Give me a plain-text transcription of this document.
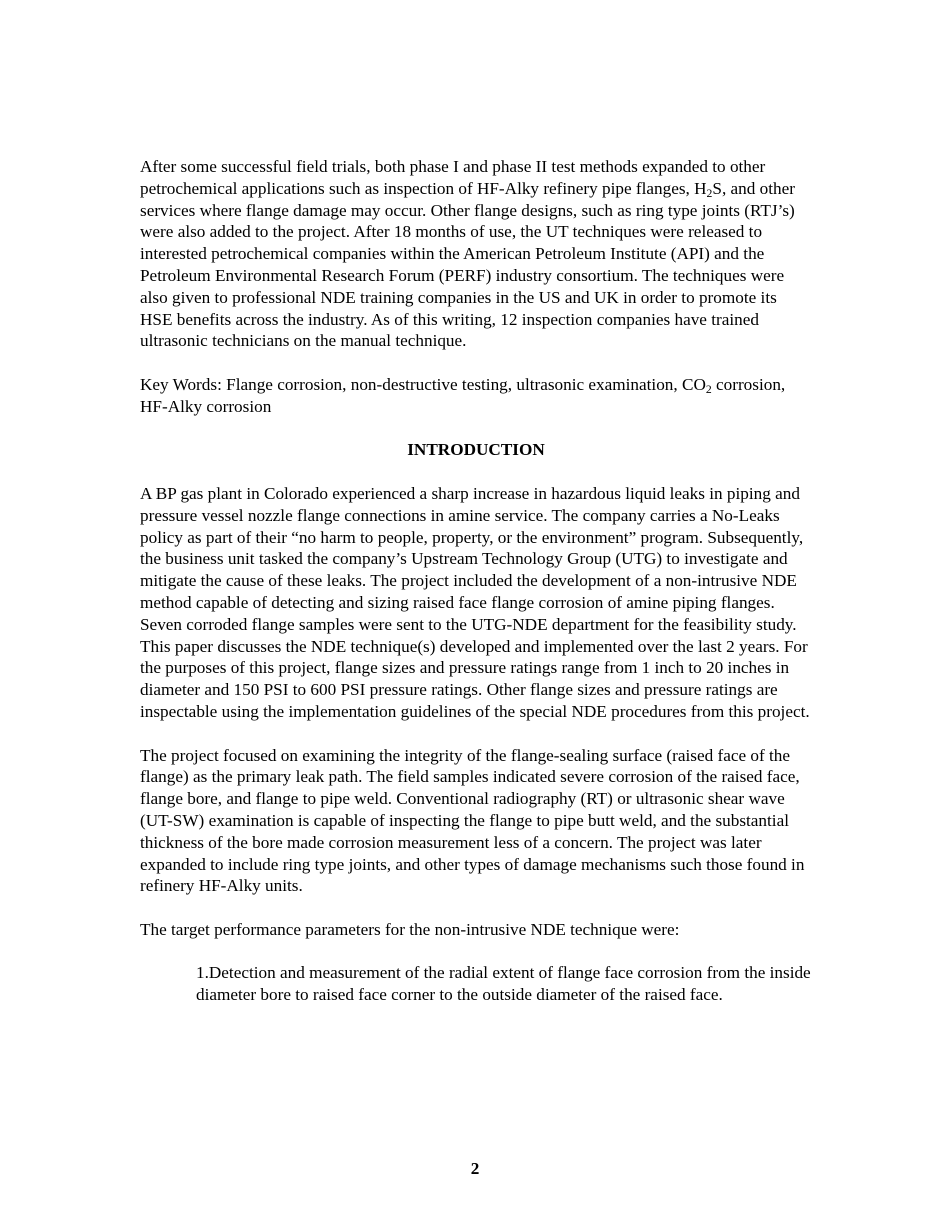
After some successful field trials, both phase I and phase II test methods expanded to other petrochemical applications such as inspection of HF-Alky refinery pipe flanges, $H_2S$, and other services where flange damage may occur. Other flange designs, such as ring type joints (RTJ’s) were also added to the project. After 18 months of use, the UT techniques were released to interested petrochemical companies within the American Petroleum Institute (API) and the Petroleum Environmental Research Forum (PERF) industry consortium. The techniques were also given to professional NDE training companies in the US and UK in order to promote its HSE benefits across the industry. As of this writing, 12 inspection companies have trained ultrasonic technicians on the manual technique.

Key Words: Flange corrosion, non-destructive testing, ultrasonic examination, $CO_2$ corrosion, HF-Alky corrosion

INTRODUCTION

A BP gas plant in Colorado experienced a sharp increase in hazardous liquid leaks in piping and pressure vessel nozzle flange connections in amine service. The company carries a No-Leaks policy as part of their “no harm to people, property, or the environment” program. Subsequently, the business unit tasked the company’s Upstream Technology Group (UTG) to investigate and mitigate the cause of these leaks. The project included the development of a non-intrusive NDE method capable of detecting and sizing raised face flange corrosion of amine piping flanges. Seven corroded flange samples were sent to the UTG-NDE department for the feasibility study. This paper discusses the NDE technique(s) developed and implemented over the last 2 years. For the purposes of this project, flange sizes and pressure ratings range from 1 inch to 20 inches in diameter and 150 PSI to 600 PSI pressure ratings. Other flange sizes and pressure ratings are inspectable using the implementation guidelines of the special NDE procedures from this project.

The project focused on examining the integrity of the flange-sealing surface (raised face of the flange) as the primary leak path. The field samples indicated severe corrosion of the raised face, flange bore, and flange to pipe weld. Conventional radiography (RT) or ultrasonic shear wave (UT-SW) examination is capable of inspecting the flange to pipe butt weld, and the substantial thickness of the bore made corrosion measurement less of a concern. The project was later expanded to include ring type joints, and other types of damage mechanisms such those found in refinery HF-Alky units.

The target performance parameters for the non-intrusive NDE technique were:

1.Detection and measurement of the radial extent of flange face corrosion from the inside diameter bore to raised face corner to the outside diameter of the raised face.

2
